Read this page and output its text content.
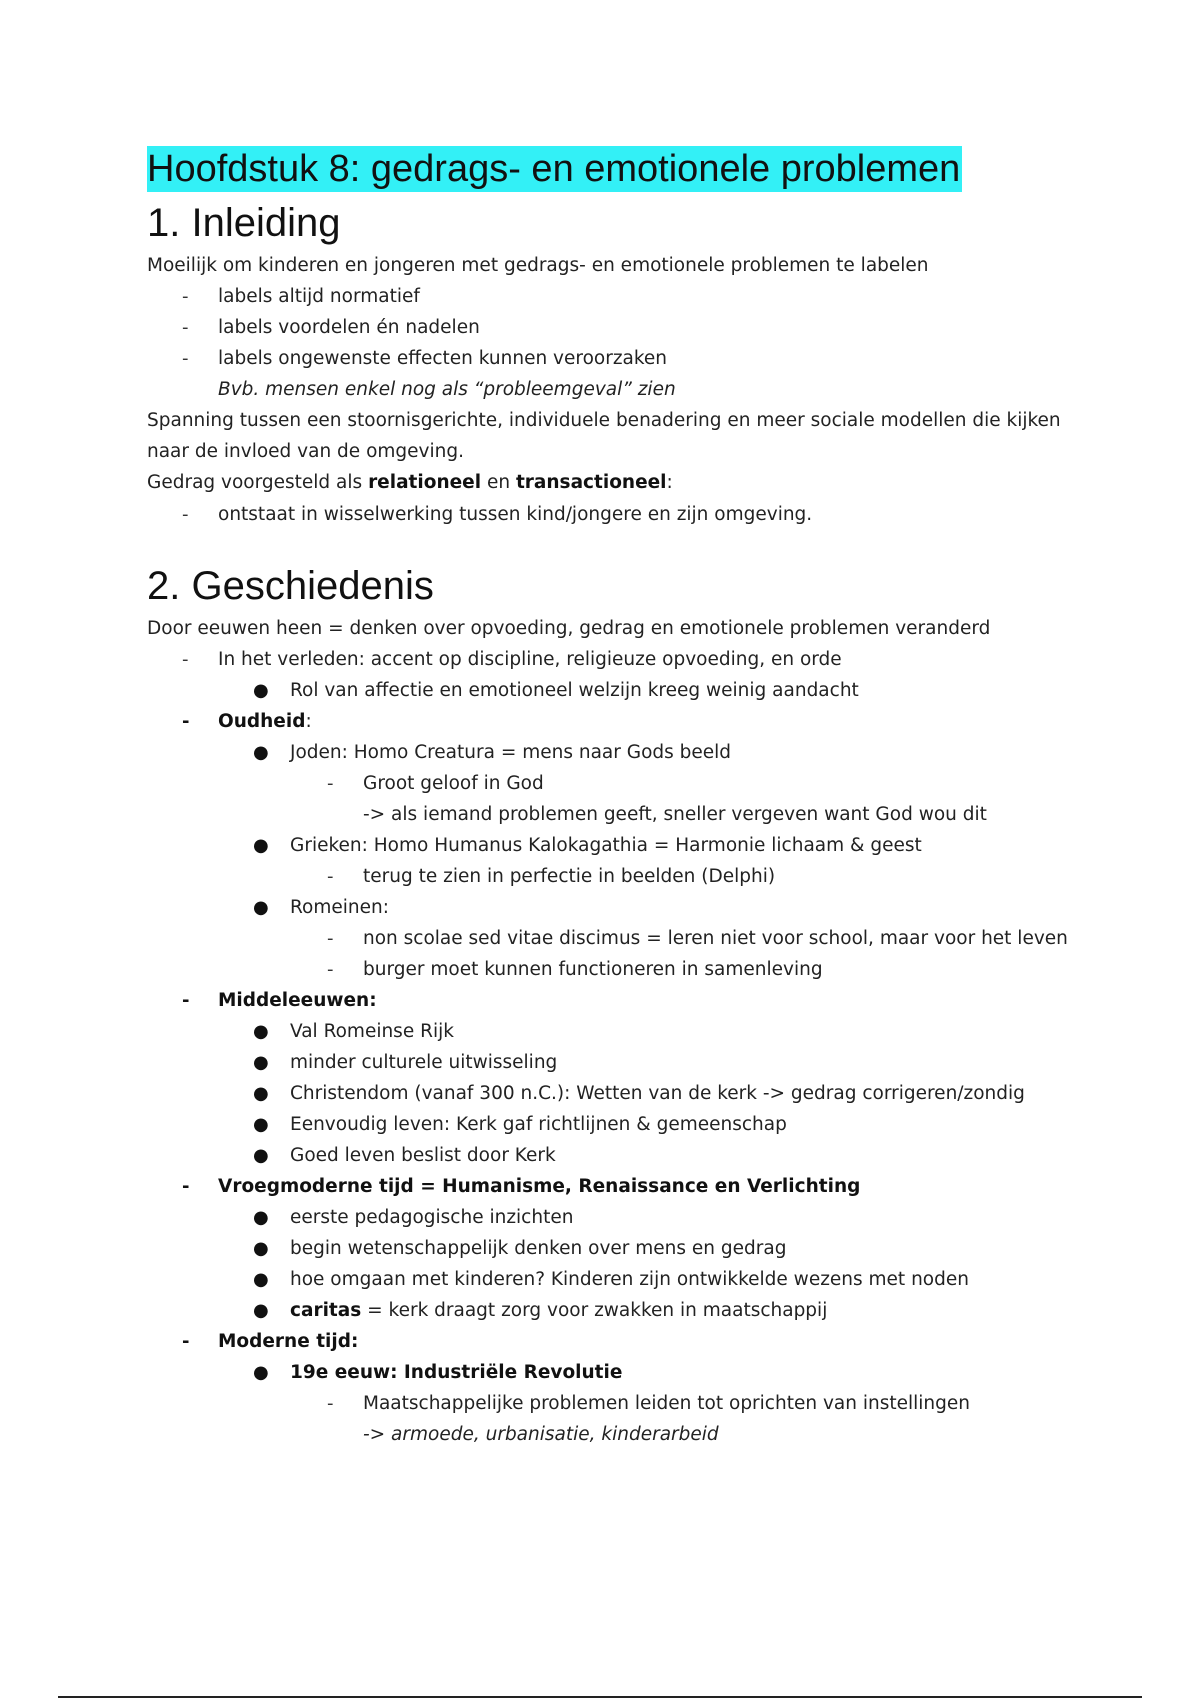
Hoofdstuk 8: gedrags- en emotionele problemen
1. Inleiding
Moeilijk om kinderen en jongeren met gedrags- en emotionele problemen te labelen
- labels altijd normatief
- labels voordelen én nadelen
- labels ongewenste effecten kunnen veroorzaken
Bvb. mensen enkel nog als “probleemgeval” zien
Spanning tussen een stoornisgerichte, individuele benadering en meer sociale modellen die kijken
naar de invloed van de omgeving.
Gedrag voorgesteld als relationeel en transactioneel:
- ontstaat in wisselwerking tussen kind/jongere en zijn omgeving.
2. Geschiedenis
Door eeuwen heen = denken over opvoeding, gedrag en emotionele problemen veranderd
- In het verleden: accent op discipline, religieuze opvoeding, en orde
● Rol van affectie en emotioneel welzijn kreeg weinig aandacht
- Oudheid:
● Joden: Homo Creatura = mens naar Gods beeld
- Groot geloof in God
-> als iemand problemen geeft, sneller vergeven want God wou dit
● Grieken: Homo Humanus Kalokagathia = Harmonie lichaam & geest
- terug te zien in perfectie in beelden (Delphi)
● Romeinen:
- non scolae sed vitae discimus = leren niet voor school, maar voor het leven
- burger moet kunnen functioneren in samenleving
- Middeleeuwen:
● Val Romeinse Rijk
● minder culturele uitwisseling
● Christendom (vanaf 300 n.C.): Wetten van de kerk -> gedrag corrigeren/zondig
● Eenvoudig leven: Kerk gaf richtlijnen & gemeenschap
● Goed leven beslist door Kerk
- Vroegmoderne tijd = Humanisme, Renaissance en Verlichting
● eerste pedagogische inzichten
● begin wetenschappelijk denken over mens en gedrag
● hoe omgaan met kinderen? Kinderen zijn ontwikkelde wezens met noden
● caritas = kerk draagt zorg voor zwakken in maatschappij
- Moderne tijd:
● 19e eeuw: Industriële Revolutie
- Maatschappelijke problemen leiden tot oprichten van instellingen
-> armoede, urbanisatie, kinderarbeid
